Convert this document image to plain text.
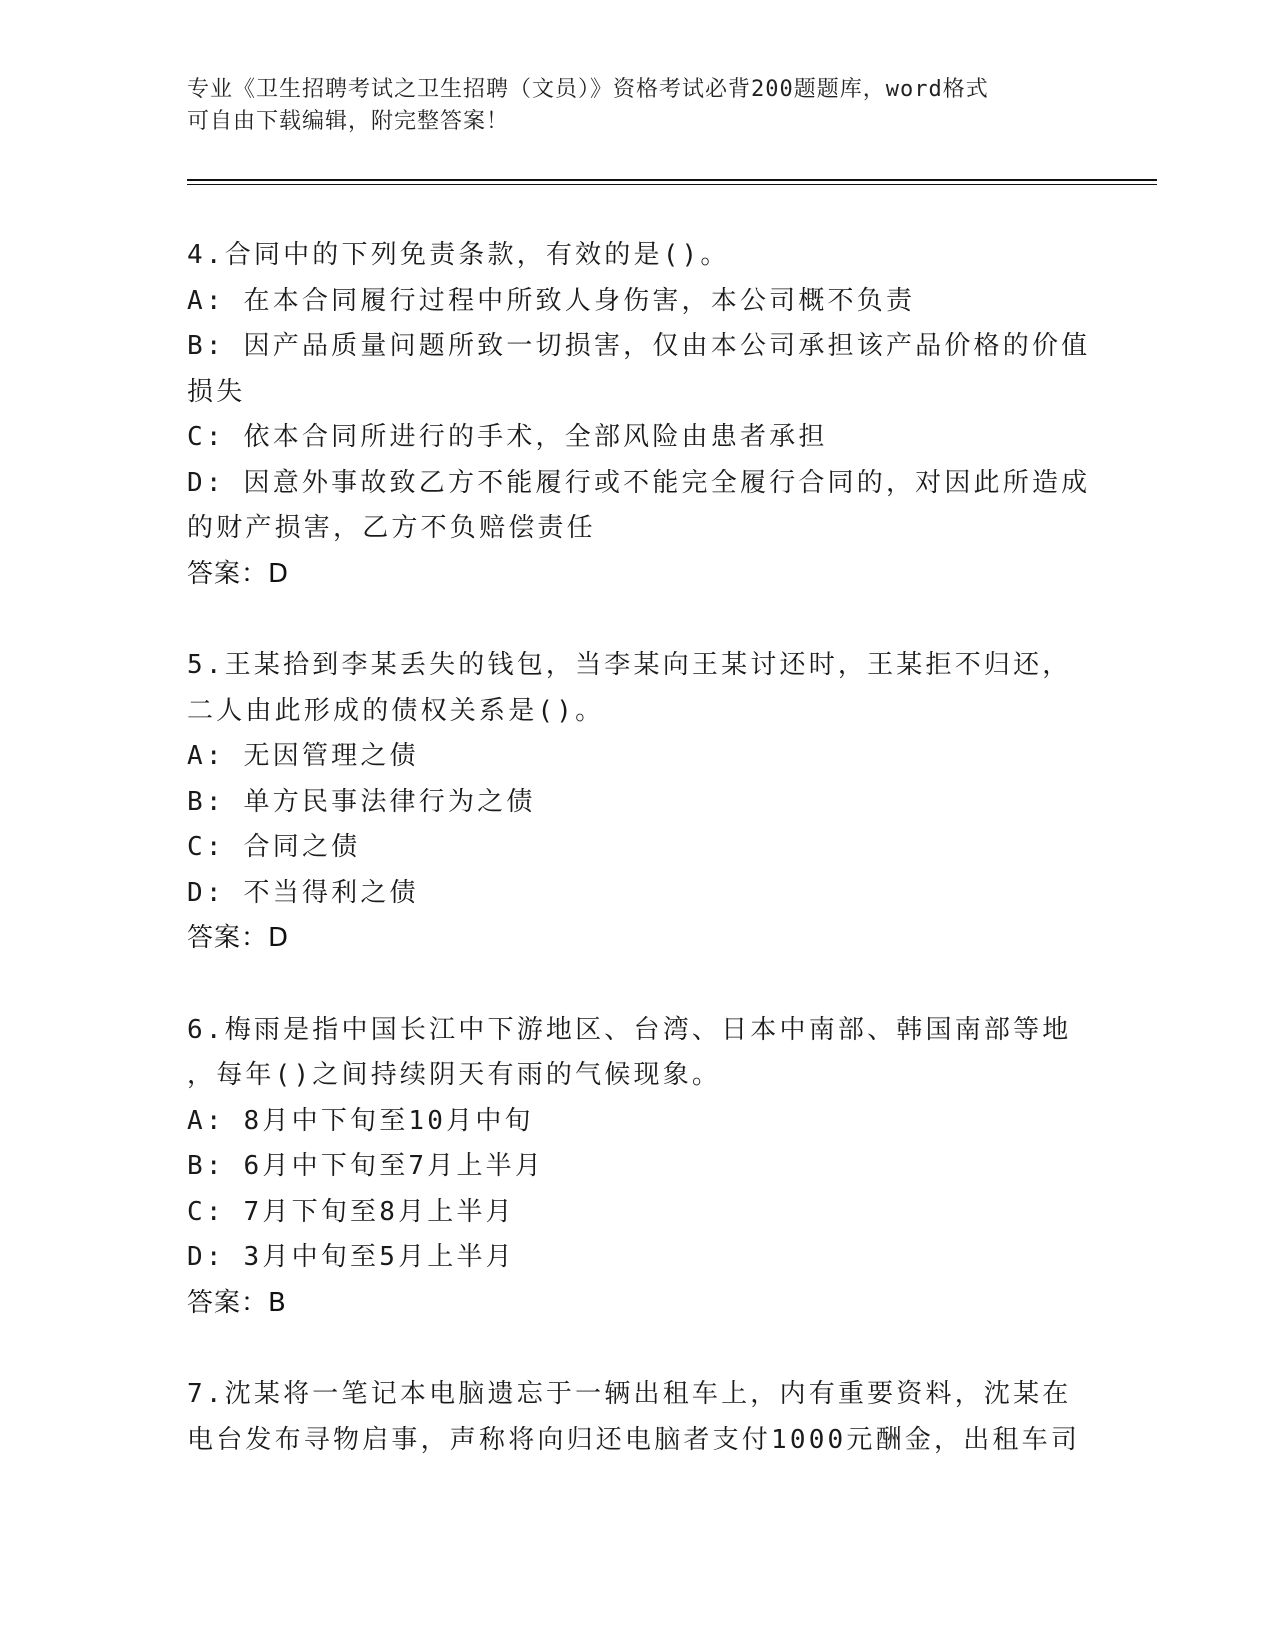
专业《卫生招聘考试之卫生招聘（文员）》资格考试必背200题题库，word格式
可自由下载编辑，附完整答案！
4.合同中的下列免责条款，有效的是()。
A: 在本合同履行过程中所致人身伤害，本公司概不负责
B: 因产品质量问题所致一切损害，仅由本公司承担该产品价格的价值
损失
C: 依本合同所进行的手术，全部风险由患者承担
D: 因意外事故致乙方不能履行或不能完全履行合同的，对因此所造成
的财产损害，乙方不负赔偿责任
答案：D
5.王某拾到李某丢失的钱包，当李某向王某讨还时，王某拒不归还，
二人由此形成的债权关系是()。
A: 无因管理之债
B: 单方民事法律行为之债
C: 合同之债
D: 不当得利之债
答案：D
6.梅雨是指中国长江中下游地区、台湾、日本中南部、韩国南部等地
，每年()之间持续阴天有雨的气候现象。
A: 8月中下旬至10月中旬
B: 6月中下旬至7月上半月
C: 7月下旬至8月上半月
D: 3月中旬至5月上半月
答案：B
7.沈某将一笔记本电脑遗忘于一辆出租车上，内有重要资料，沈某在
电台发布寻物启事，声称将向归还电脑者支付1000元酬金，出租车司
